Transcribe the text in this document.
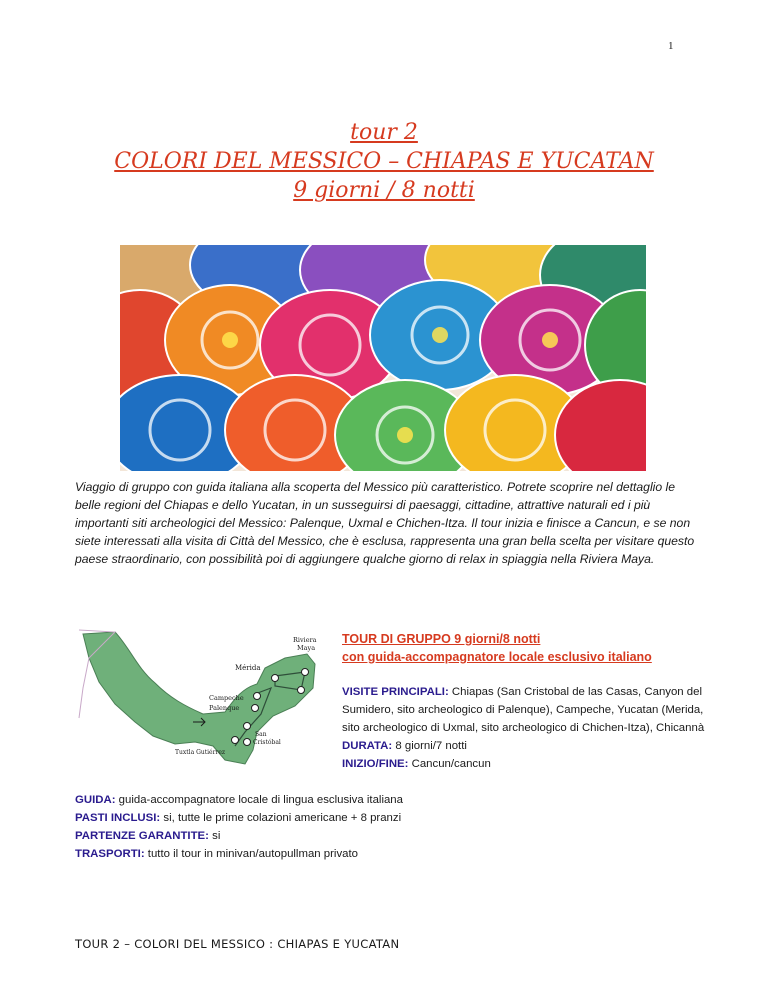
1
tour 2
COLORI DEL MESSICO – CHIAPAS E YUCATAN
9 giorni / 8 notti
Viaggio di gruppo con guida italiana alla scoperta del Messico più caratteristico. Potrete scoprire nel dettaglio le belle regioni del Chiapas e dello Yucatan, in un susseguirsi di paesaggi, cittadine, attrattive naturali ed i più importanti siti archeologici del Messico: Palenque, Uxmal e Chichen-Itza. Il tour inizia e finisce a Cancun, e se non siete interessati alla visita di Città del Messico, che è esclusa, rappresenta una gran bella scelta per visitare questo paese straordinario, con possibilità poi di aggiungere qualche giorno di relax in spiaggia nella Riviera Maya.
Mérida
Riviera
Maya
Campeche
Palenque
Tuxtla Gutiérrez
San
Cristóbal
TOUR DI GRUPPO 9 giorni/8 notti
con guida-accompagnatore locale esclusivo italiano
VISITE PRINCIPALI: Chiapas (San Cristobal de las Casas, Canyon del Sumidero, sito archeologico di Palenque), Campeche, Yucatan (Merida, sito archeologico di Uxmal, sito archeologico di Chichen-Itza), Chicannà
DURATA: 8 giorni/7 notti
INIZIO/FINE: Cancun/cancun
GUIDA: guida-accompagnatore locale di lingua esclusiva italiana
PASTI INCLUSI: si, tutte le prime colazioni americane + 8 pranzi
PARTENZE GARANTITE: si
TRASPORTI: tutto il tour in minivan/autopullman privato
TOUR 2 – COLORI DEL MESSICO : CHIAPAS E YUCATAN
